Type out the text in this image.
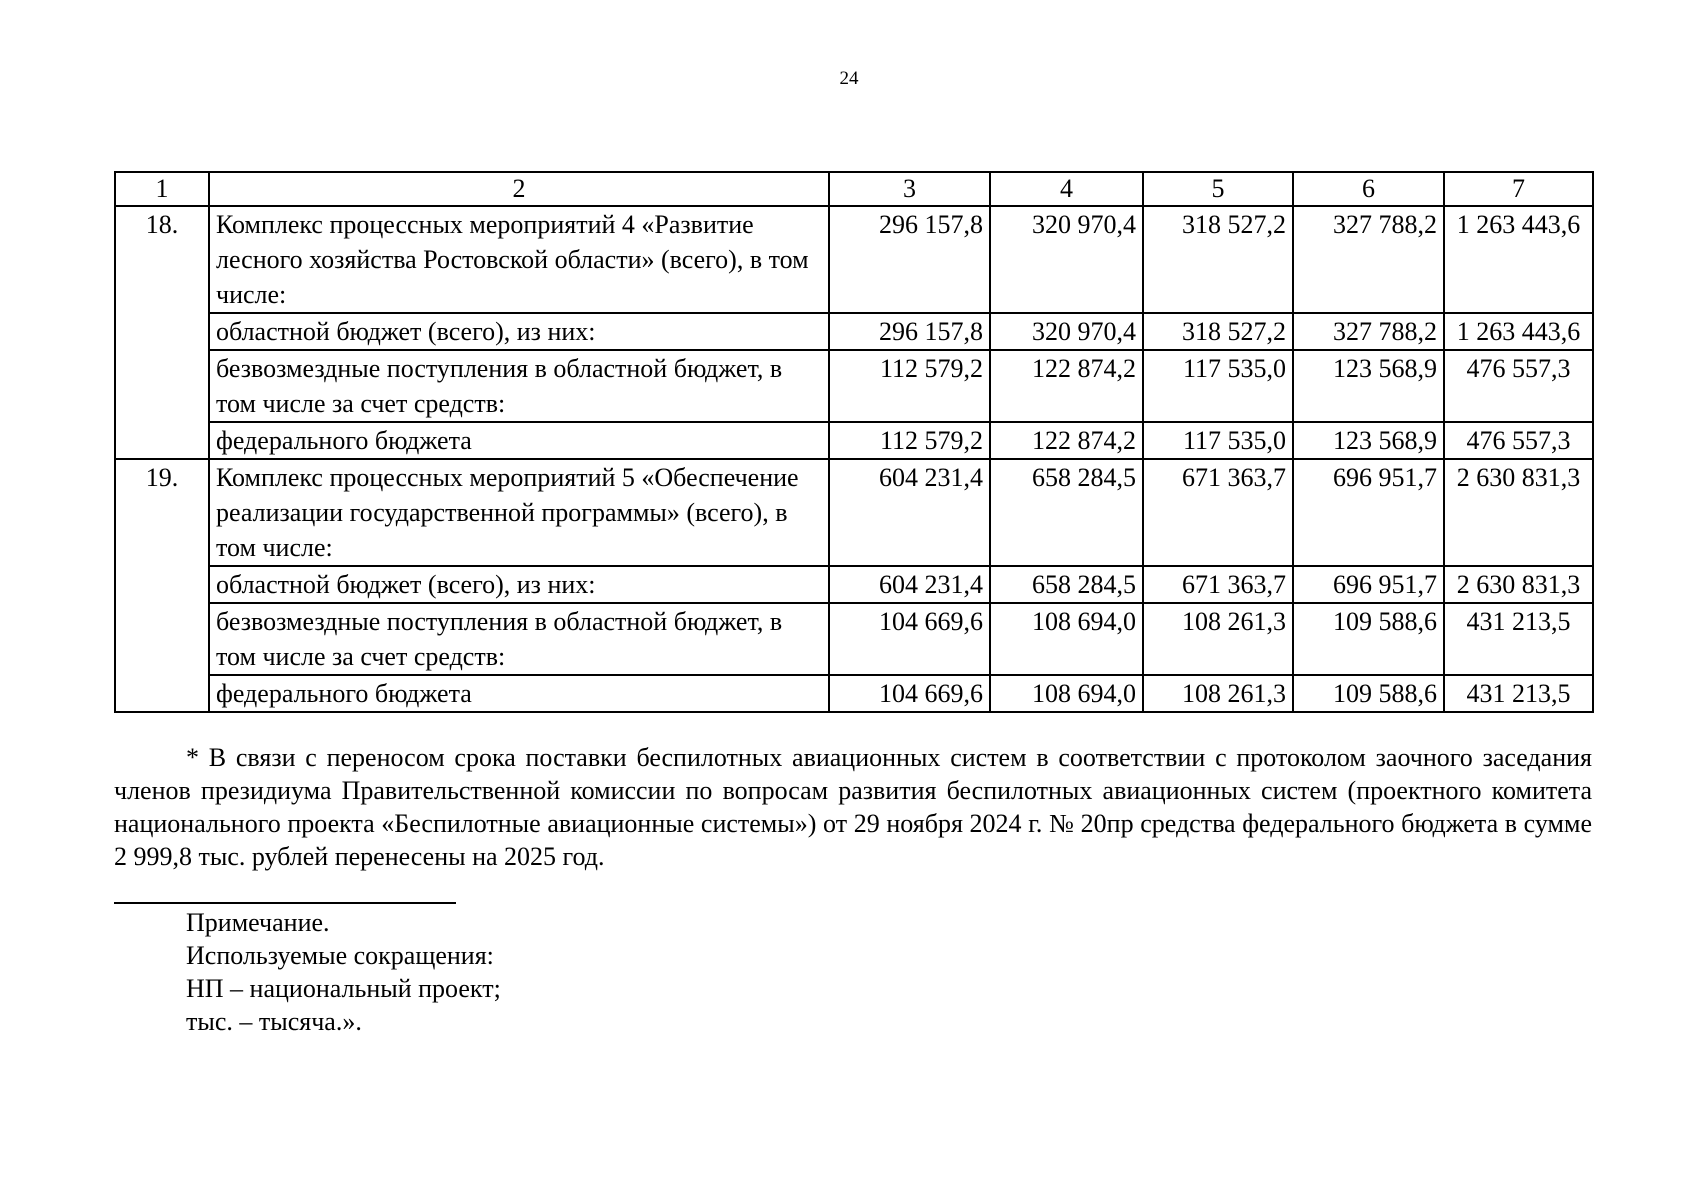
24
1	2	3	4	5	6	7
18.	Комплекс процессных мероприятий 4 «Развитие лесного хозяйства Ростовской области» (всего), в том числе:	296 157,8	320 970,4	318 527,2	327 788,2	1 263 443,6
	областной бюджет (всего), из них:	296 157,8	320 970,4	318 527,2	327 788,2	1 263 443,6
	безвозмездные поступления в областной бюджет, в том числе за счет средств:	112 579,2	122 874,2	117 535,0	123 568,9	476 557,3
	федерального бюджета	112 579,2	122 874,2	117 535,0	123 568,9	476 557,3
19.	Комплекс процессных мероприятий 5 «Обеспечение реализации государственной программы» (всего), в том числе:	604 231,4	658 284,5	671 363,7	696 951,7	2 630 831,3
	областной бюджет (всего), из них:	604 231,4	658 284,5	671 363,7	696 951,7	2 630 831,3
	безвозмездные поступления в областной бюджет, в том числе за счет средств:	104 669,6	108 694,0	108 261,3	109 588,6	431 213,5
	федерального бюджета	104 669,6	108 694,0	108 261,3	109 588,6	431 213,5
* В связи с переносом срока поставки беспилотных авиационных систем в соответствии с протоколом заочного заседания членов президиума Правительственной комиссии по вопросам развития беспилотных авиационных систем (проектного комитета национального проекта «Беспилотные авиационные системы») от 29 ноября 2024 г. № 20пр средства федерального бюджета в сумме 2 999,8 тыс. рублей перенесены на 2025 год.
Примечание.
Используемые сокращения:
НП – национальный проект;
тыс. – тысяча.».
